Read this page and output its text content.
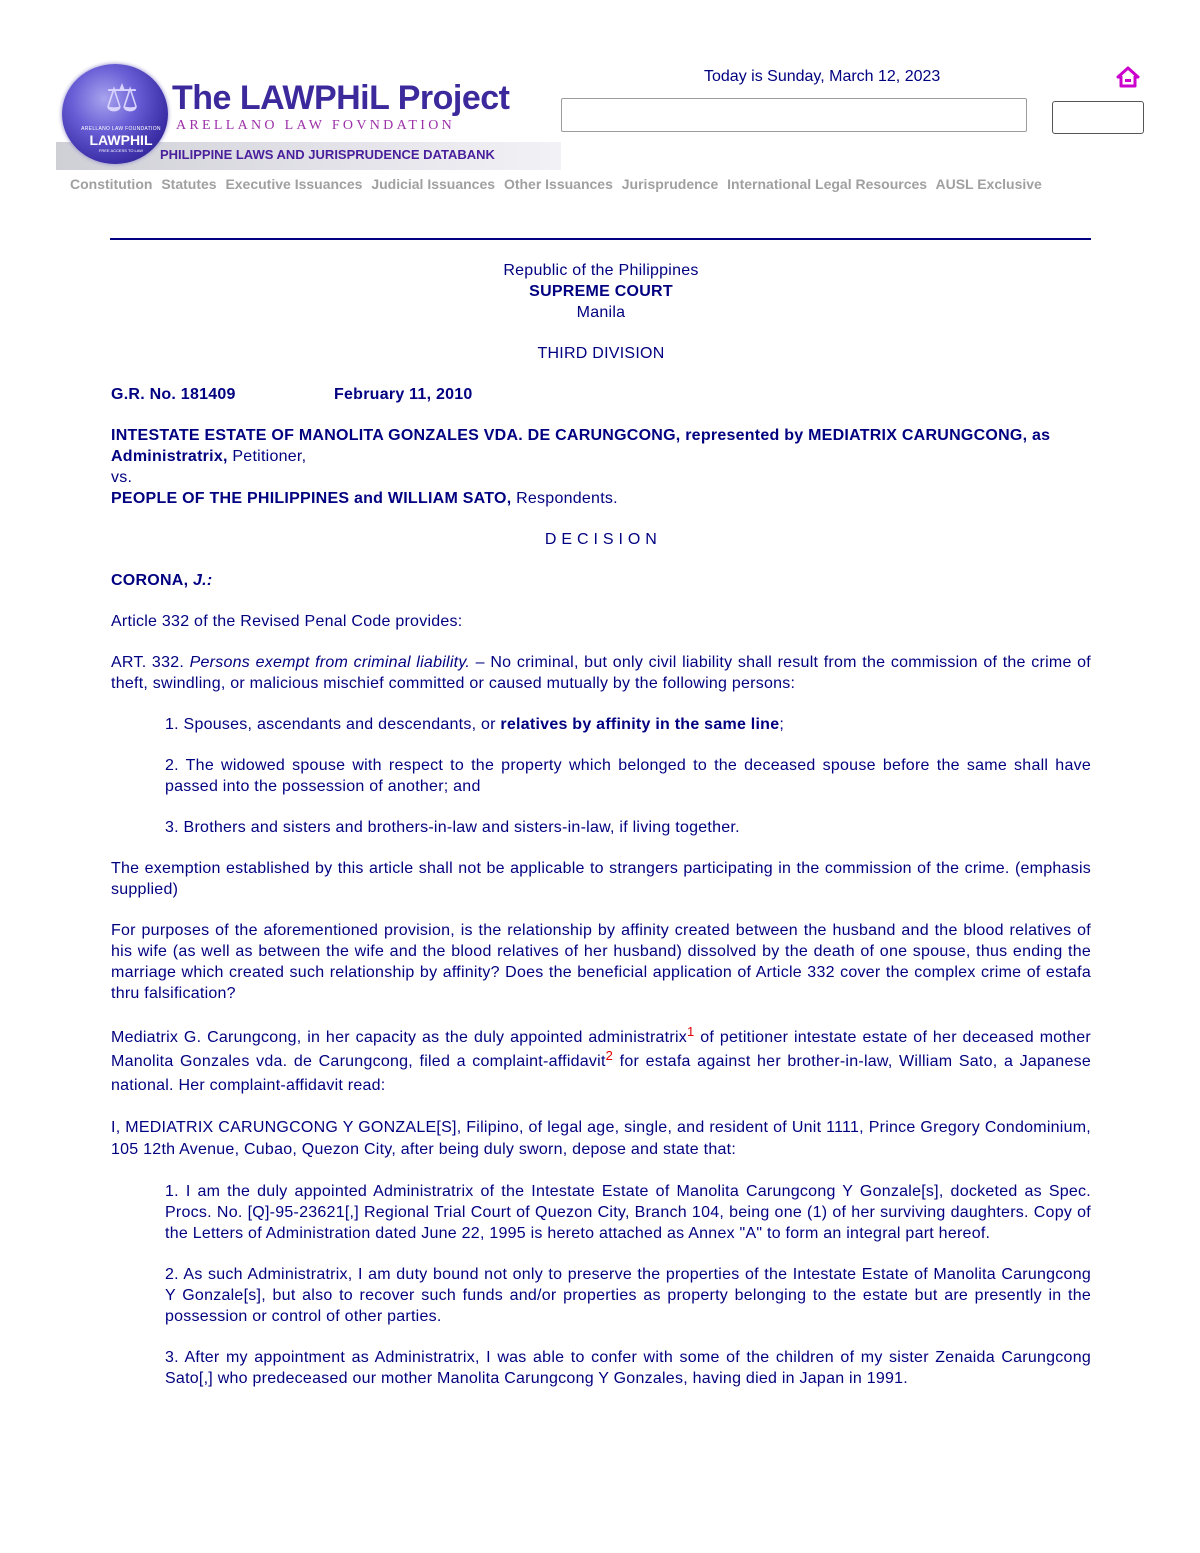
⚖
ARELLANO LAW FOUNDATION
LAWPHIL
FREE ACCESS TO LAW
The LAWPHiL Project
ARELLANO LAW FOVNDATION
PHILIPPINE LAWS AND JURISPRUDENCE DATABANK
Today is Sunday, March 12, 2023
Constitution Statutes Executive Issuances Judicial Issuances Other Issuances Jurisprudence International Legal Resources AUSL Exclusive

Republic of the Philippines

SUPREME COURT

Manila

THIRD DIVISION

G.R. No. 181409	February 11, 2010

INTESTATE ESTATE OF MANOLITA GONZALES VDA. DE CARUNGCONG, represented by MEDIATRIX CARUNGCONG, as Administratrix, Petitioner,

vs.

PEOPLE OF THE PHILIPPINES and WILLIAM SATO, Respondents.

D E C I S I O N

CORONA, J.:

Article 332 of the Revised Penal Code provides:

ART. 332. Persons exempt from criminal liability. – No criminal, but only civil liability shall result from the commission of the crime of theft, swindling, or malicious mischief committed or caused mutually by the following persons:

1. Spouses, ascendants and descendants, or relatives by affinity in the same line;

2. The widowed spouse with respect to the property which belonged to the deceased spouse before the same shall have passed into the possession of another; and

3. Brothers and sisters and brothers-in-law and sisters-in-law, if living together.

The exemption established by this article shall not be applicable to strangers participating in the commission of the crime. (emphasis supplied)

For purposes of the aforementioned provision, is the relationship by affinity created between the husband and the blood relatives of his wife (as well as between the wife and the blood relatives of her husband) dissolved by the death of one spouse, thus ending the marriage which created such relationship by affinity? Does the beneficial application of Article 332 cover the complex crime of estafa thru falsification?

Mediatrix G. Carungcong, in her capacity as the duly appointed administratrix$^1$ of petitioner intestate estate of her deceased mother Manolita Gonzales vda. de Carungcong, filed a complaint-affidavit$^2$ for estafa against her brother-in-law, William Sato, a Japanese national. Her complaint-affidavit read:

I, MEDIATRIX CARUNGCONG Y GONZALE[S], Filipino, of legal age, single, and resident of Unit 1111, Prince Gregory Condominium, 105 12th Avenue, Cubao, Quezon City, after being duly sworn, depose and state that:

1. I am the duly appointed Administratrix of the Intestate Estate of Manolita Carungcong Y Gonzale[s], docketed as Spec. Procs. No. [Q]-95-23621[,] Regional Trial Court of Quezon City, Branch 104, being one (1) of her surviving daughters. Copy of the Letters of Administration dated June 22, 1995 is hereto attached as Annex "A" to form an integral part hereof.

2. As such Administratrix, I am duty bound not only to preserve the properties of the Intestate Estate of Manolita Carungcong Y Gonzale[s], but also to recover such funds and/or properties as property belonging to the estate but are presently in the possession or control of other parties.

3. After my appointment as Administratrix, I was able to confer with some of the children of my sister Zenaida Carungcong Sato[,] who predeceased our mother Manolita Carungcong Y Gonzales, having died in Japan in 1991.
